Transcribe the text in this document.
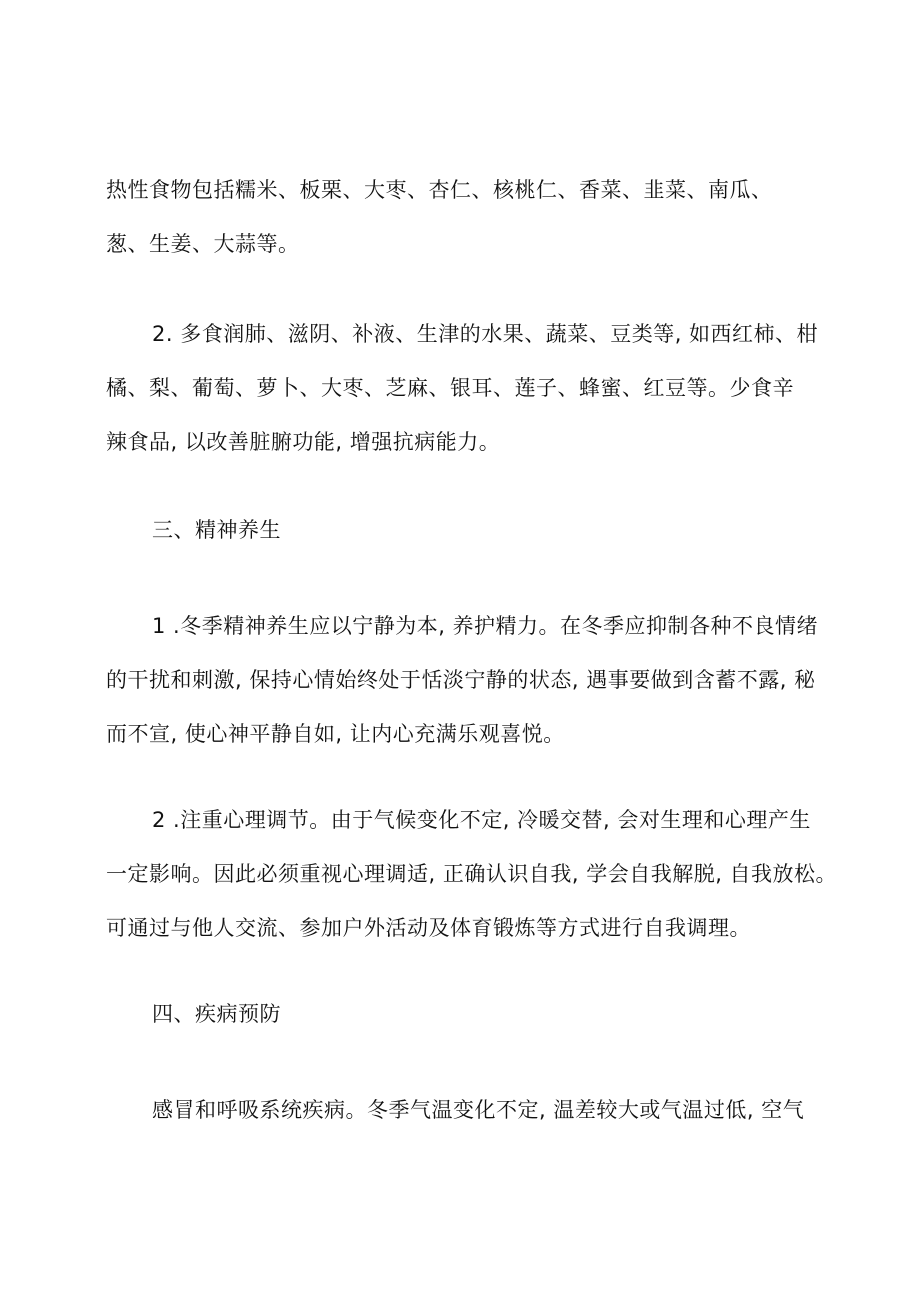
热性食物包括糯米、板栗、大枣、杏仁、核桃仁、香菜、韭菜、南瓜、
葱、生姜、大蒜等。

2. 多食润肺、滋阴、补液、生津的水果、蔬菜、豆类等, 如西红柿、柑
橘、梨、葡萄、萝卜、大枣、芝麻、银耳、莲子、蜂蜜、红豆等。少食辛
辣食品, 以改善脏腑功能, 增强抗病能力。

三、精神养生

1 .冬季精神养生应以宁静为本, 养护精力。在冬季应抑制各种不良情绪
的干扰和刺激, 保持心情始终处于恬淡宁静的状态, 遇事要做到含蓄不露, 秘
而不宣, 使心神平静自如, 让内心充满乐观喜悦。

2 .注重心理调节。由于气候变化不定, 冷暖交替, 会对生理和心理产生
一定影响。因此必须重视心理调适, 正确认识自我, 学会自我解脱, 自我放松。
可通过与他人交流、参加户外活动及体育锻炼等方式进行自我调理。

四、疾病预防

感冒和呼吸系统疾病。冬季气温变化不定, 温差较大或气温过低, 空气
